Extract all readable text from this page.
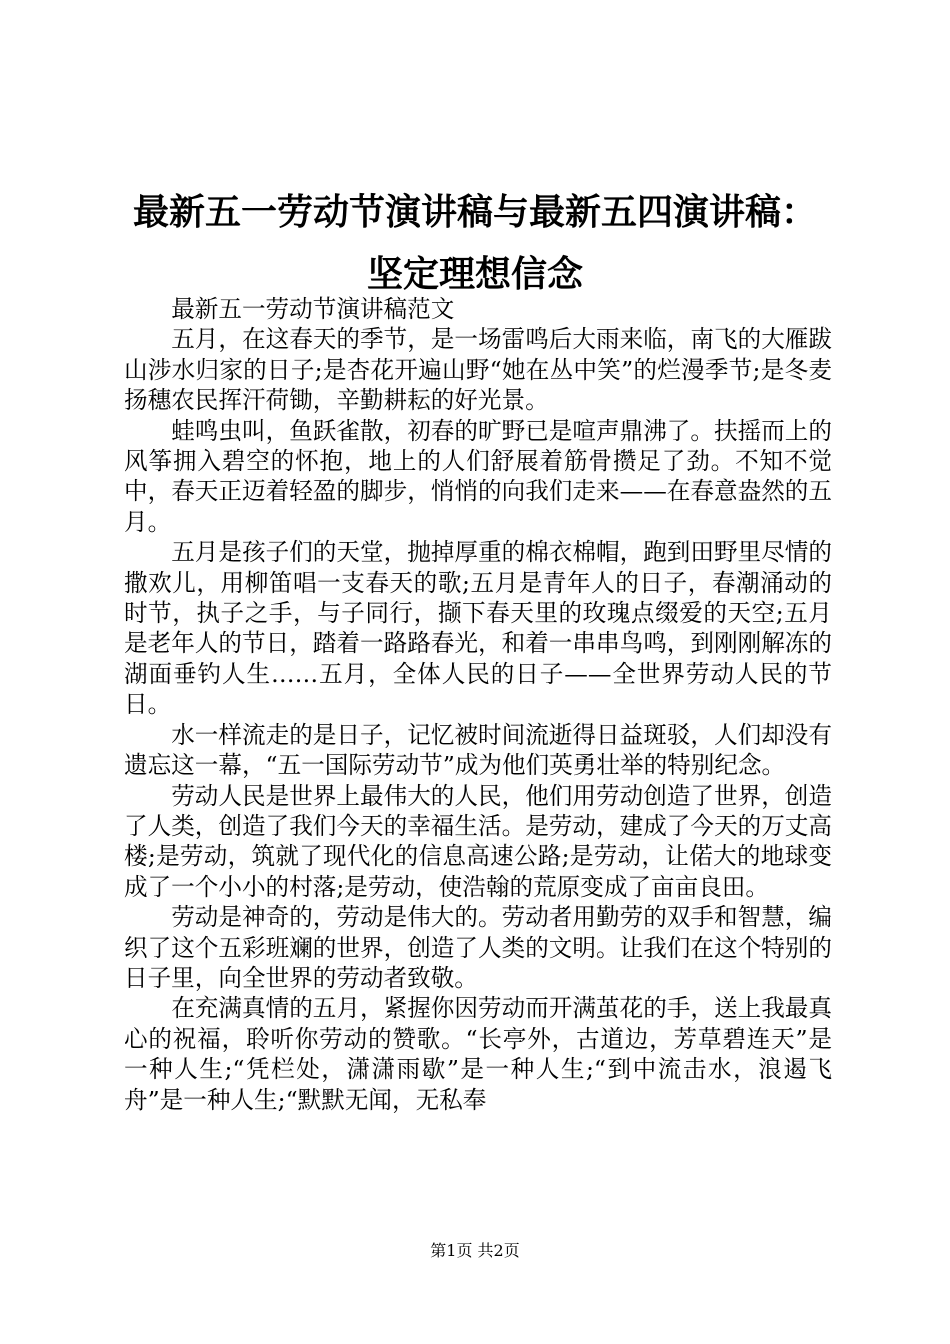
最新五一劳动节演讲稿与最新五四演讲稿：坚定理想信念

最新五一劳动节演讲稿范文

五月，在这春天的季节，是一场雷鸣后大雨来临，南飞的大雁跋山涉水归家的日子;是杏花开遍山野“她在丛中笑”的烂漫季节;是冬麦扬穗农民挥汗荷锄，辛勤耕耘的好光景。

蛙鸣虫叫，鱼跃雀散，初春的旷野已是喧声鼎沸了。扶摇而上的风筝拥入碧空的怀抱，地上的人们舒展着筋骨攒足了劲。不知不觉中，春天正迈着轻盈的脚步，悄悄的向我们走来——在春意盎然的五月。

五月是孩子们的天堂，抛掉厚重的棉衣棉帽，跑到田野里尽情的撒欢儿，用柳笛唱一支春天的歌;五月是青年人的日子，春潮涌动的时节，执子之手，与子同行，撷下春天里的玫瑰点缀爱的天空;五月是老年人的节日，踏着一路路春光，和着一串串鸟鸣，到刚刚解冻的湖面垂钓人生……五月，全体人民的日子——全世界劳动人民的节日。

水一样流走的是日子，记忆被时间流逝得日益斑驳，人们却没有遗忘这一幕，“五一国际劳动节”成为他们英勇壮举的特别纪念。

劳动人民是世界上最伟大的人民，他们用劳动创造了世界，创造了人类，创造了我们今天的幸福生活。是劳动，建成了今天的万丈高楼;是劳动，筑就了现代化的信息高速公路;是劳动，让偌大的地球变成了一个小小的村落;是劳动，使浩翰的荒原变成了亩亩良田。

劳动是神奇的，劳动是伟大的。劳动者用勤劳的双手和智慧，编织了这个五彩班斓的世界，创造了人类的文明。让我们在这个特别的日子里，向全世界的劳动者致敬。

在充满真情的五月，紧握你因劳动而开满茧花的手，送上我最真心的祝福，聆听你劳动的赞歌。“长亭外，古道边，芳草碧连天”是一种人生;“凭栏处，潇潇雨歇”是一种人生;“到中流击水，浪遏飞舟”是一种人生;“默默无闻，无私奉

第1页 共2页
